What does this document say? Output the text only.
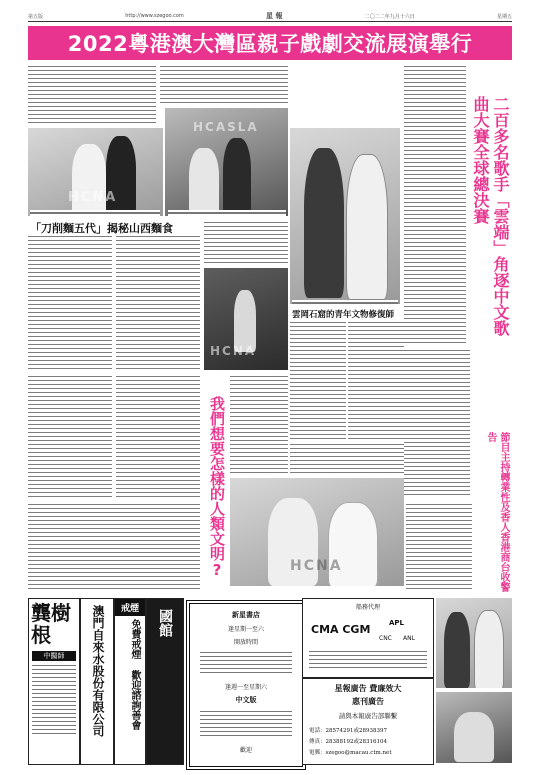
第五版	http://www.szegoo.com	星 報	二〇二二年九月十六日	星期五
2022粵港澳大灣區親子戲劇交流展演舉行
HCNA
HCASLA
「刀削麵五代」揭秘山西麵食
HCNA
雲岡石窟的青年文物修復師	二百多名歌手「雲端」角逐中文歌曲大賽全球總決賽
我們想要怎樣的人類文明?	節目主持轉業性及香人香港商台收警告
HCNA
龔樹根
中醫師	澳門自來水股份有限公司	戒煙
免費戒煙 歡迎諮詢善會 國館	新星書店
逢星期一至六
開放時間
逢週一至星期六
中文版
歡迎
船務代理
CMA CGM	APL
CNC ANL
星報廣告 費廉效大
惠刊廣告
請與本報廣告部聯繫
電話：28574291或28938397
傳真：28388192或28316104
電郵：szegoo@macau.ctm.net
